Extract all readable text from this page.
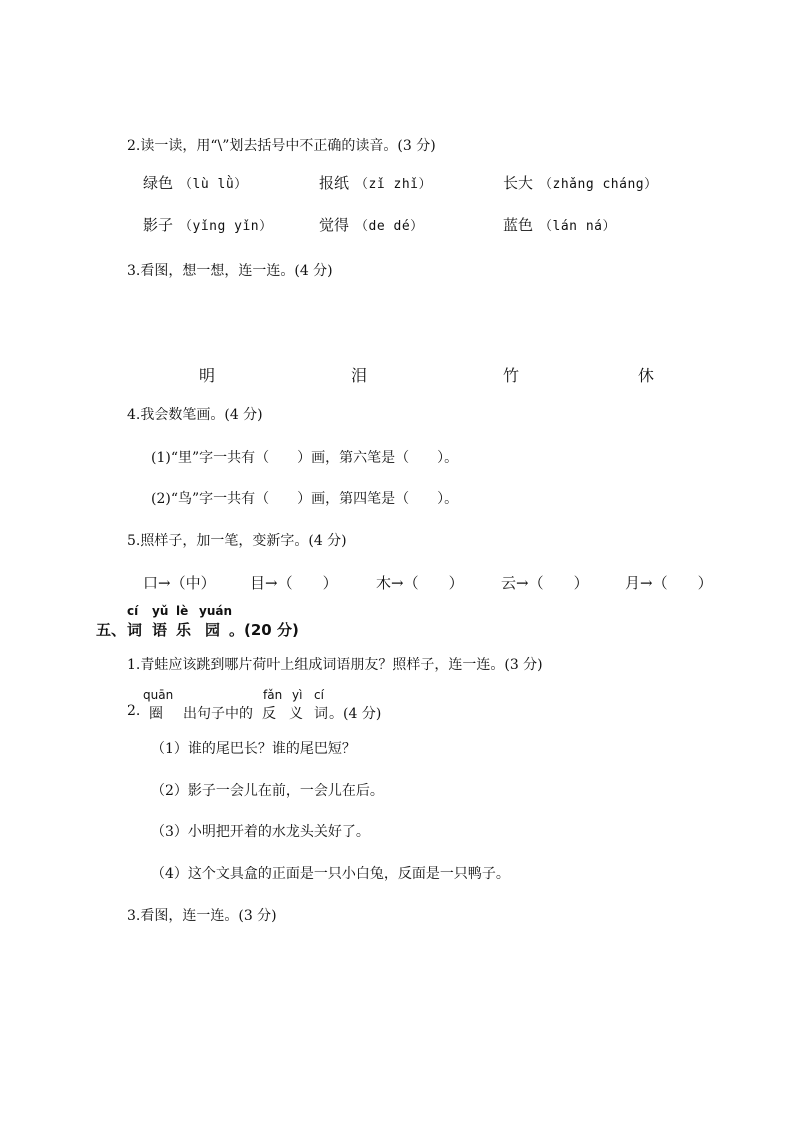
2.读一读，用“\”划去括号中不正确的读音。(3 分)
绿色 （lù lǜ）	报纸 （zǐ zhǐ）	长大 （zhǎng cháng）
影子 （yǐng yǐn）	觉得 （de dé）	蓝色 （lán ná）
3.看图，想一想，连一连。(4 分)
明	泪	竹	休
4.我会数笔画。(4 分)
(1)“里”字一共有（　　）画，第六笔是（　　）。
(2)“鸟”字一共有（　　）画，第四笔是（　　）。
5.照样子，加一笔，变新字。(4 分)
口→（中） 目→（　　）	木→（　　） 云→（　　） 月→（　　）
cí yǔ lè yuán
五、 词 语 乐 园 。(20 分)
1.青蛙应该跳到哪片荷叶上组成词语朋友？照样子，连一连。(3 分)
quān	fǎn yì cí
2. 圈 出句子中的 反 义 词 。(4 分)
（1）谁的尾巴长？谁的尾巴短？
（2）影子一会儿在前，一会儿在后。
（3）小明把开着的水龙头关好了。
（4）这个文具盒的正面是一只小白兔，反面是一只鸭子。
3.看图，连一连。(3 分)
